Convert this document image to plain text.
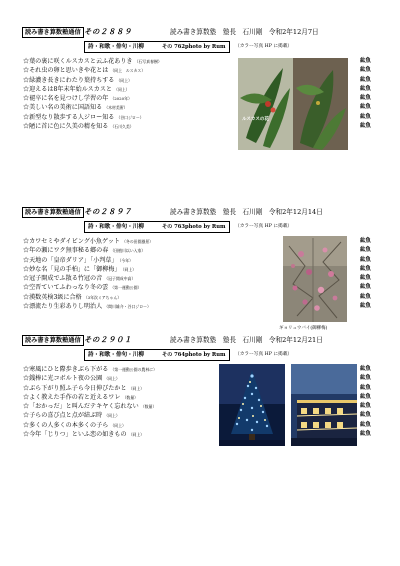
読み書き算数塾通信 その２８８９	読み書き算数塾　塾長　石川剛　 令和2年12月7日
詩・和歌・俳句・川柳	その 762photo by Rum	（カラー写真 HP に掲載）
☆葉の裏に咲くルスカスと云ふ花ありき （石写真春樹）	紘魚
☆それ虫の卵と思いきや花とは （同上　ルスカス）	紘魚
☆緑濃き長きにわたり葉持ちする （同上）	紘魚
☆迎えるは8年末年始ルスカスと （同上）	紘魚
☆褪卒に名を見つけし学習の年 （2020年）	紘魚
☆美しい名の美術に国語知る （木材美術）	紘魚
☆新型なり散歩する人ジロー知る （谷口ジロー）	紘魚
☆陋に首に色に久美の精を知る （石川久美）	紘魚
ルスカスの花
読み書き算数塾通信 その２８９７	読み書き算数塾　塾長　石川剛　 令和2年12月14日
詩・和歌・俳句・川柳	その 763photo by Rum	（カラー写真 HP に掲載）
☆カワセミやダイビング小魚ゲット （冬の田園風景）	紘魚
☆年の瀬にワク無事秘る郷の春 （田植川以い入家）	紘魚
☆天地の「皇帝ダリア」「小判草」 （今年）	紘魚
☆妙な名「見の手柏」に「御柳梅」 （同上）	紘魚
☆冠子開成でふ散る竹冠の音 （冠子開成中高）	紘魚
☆空晋ていてふわっなり冬の雲 （第一運動公園）	紘魚
☆漢数英検3級に合格 （3年次ミアちゃん）	紘魚
☆漂流たり生彩ありし明治人 （間川雄介・谷口ジロー）	紘魚
ギョリュウバイ(御柳梅)
読み書き算数塾通信 その２９０１	読み書き算数塾　塾長　石川剛　 令和2年12月21日
詩・和歌・俳句・川柳	その 764photo by Rum	（カラー写真 HP に掲載）
☆寒風にひと際歩きぶら下がる （第一運動公園の農林に）	紘魚
☆銭棒に光コボルト夜の公園 （同上）	紘魚
☆ぶら下がり照ふ子ら今日伸びたかと （同上）	紘魚
☆よく教えた手作の若と近えるワレ （数量）	紘魚
☆「おかっだ」と叫んだテキヤく忘れない （数量）	紘魚
☆子らの喜び点と点が結ぶ時 （同上）	紘魚
☆多くの人多くの本多くの子ら （同上）	紘魚
☆今年「じりつ」といふ恋の如きもの （同上）	紘魚
